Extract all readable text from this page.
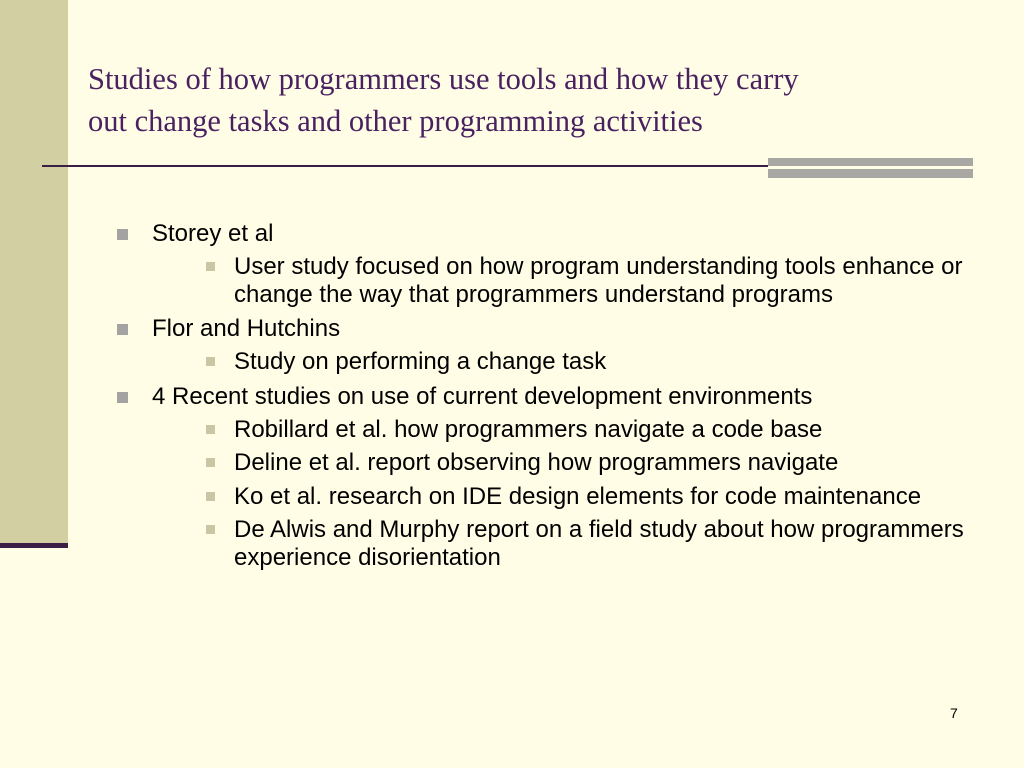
Studies of how programmers use tools and how they carry
out change tasks and other programming activities
Storey et al
User study focused on how program understanding tools enhance or change the way that programmers understand programs
Flor and Hutchins
Study on performing a change task
4 Recent studies on use of current development environments
Robillard et al. how programmers navigate a code base
Deline et al. report observing how programmers navigate
Ko et al. research on IDE design elements for code maintenance
De Alwis and Murphy report on a field study about how programmers experience disorientation
7
